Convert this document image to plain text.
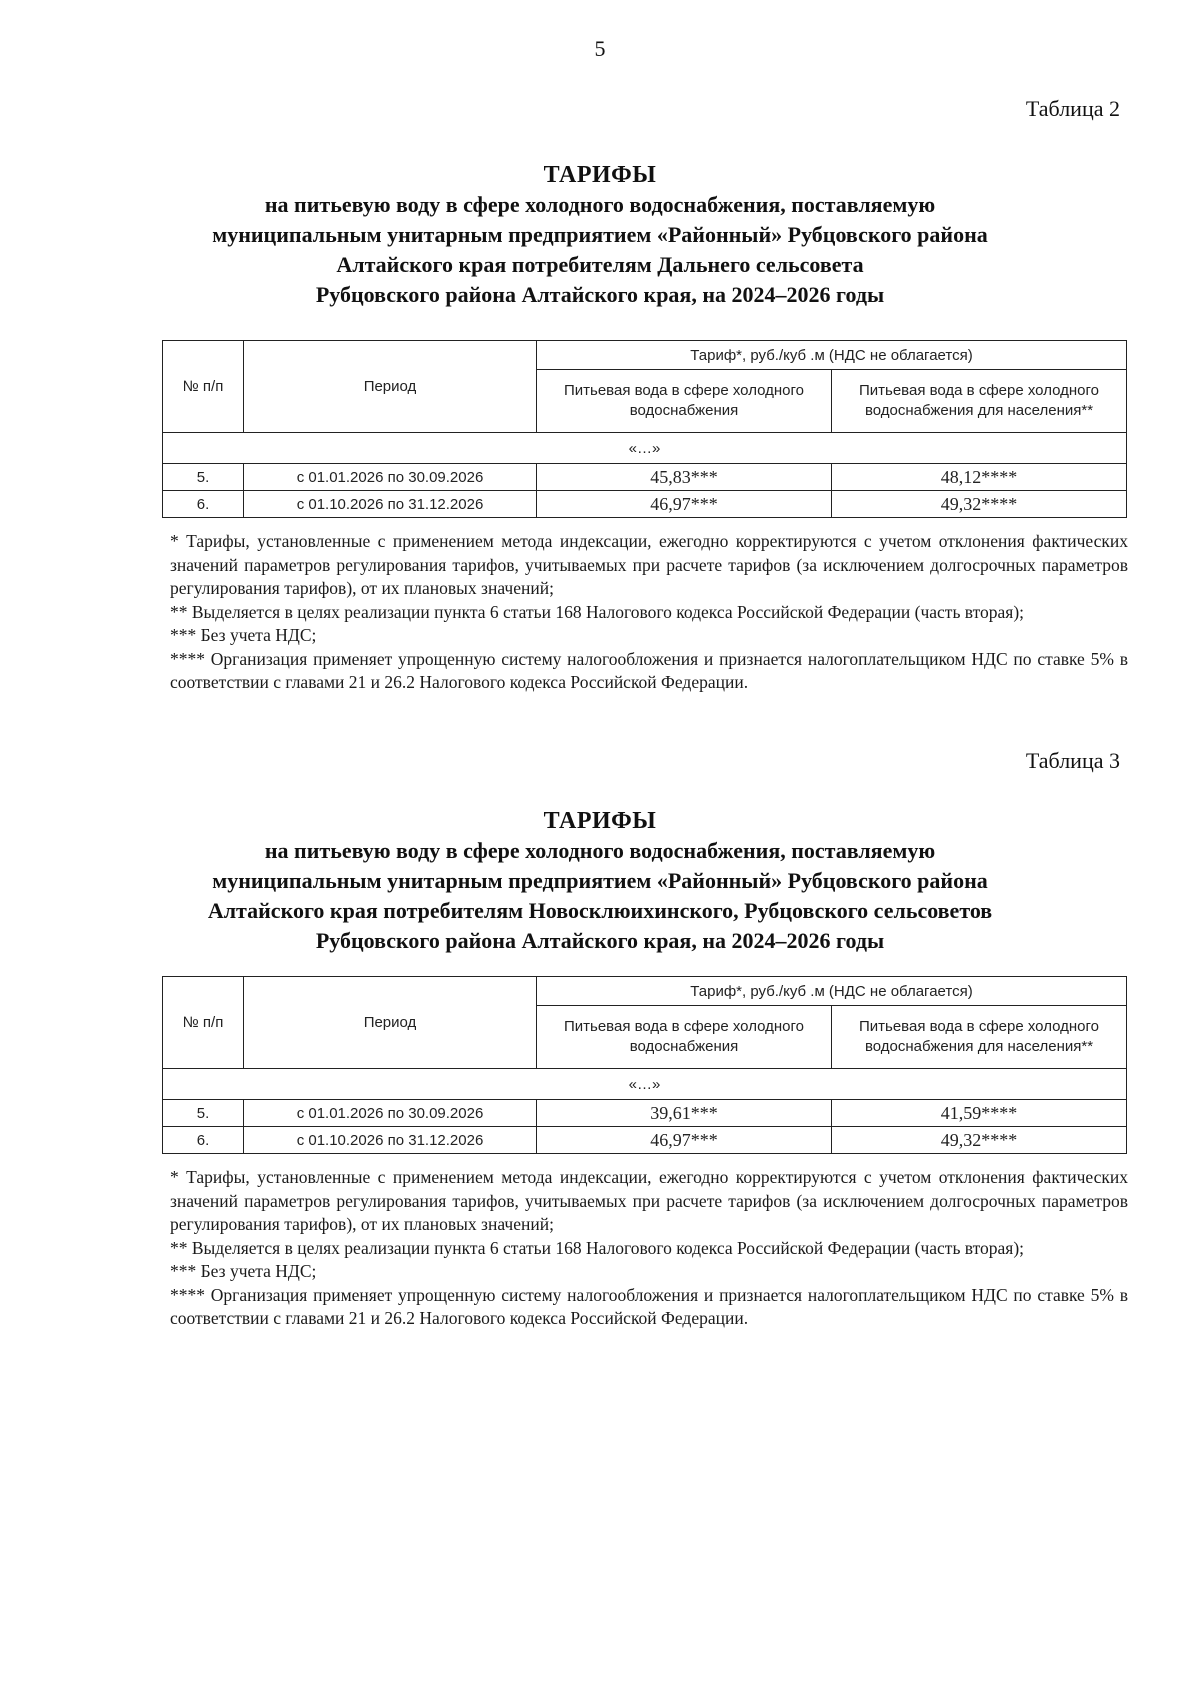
5
Таблица 2
ТАРИФЫ
на питьевую воду в сфере холодного водоснабжения, поставляемую
муниципальным унитарным предприятием «Районный» Рубцовского района
Алтайского края потребителям Дальнего сельсовета
Рубцовского района Алтайского края, на 2024–2026 годы
№ п/п	Период	Тариф*, руб./куб .м (НДС не облагается)	
		Питьевая вода в сфере холодного водоснабжения	Питьевая вода в сфере холодного водоснабжения для населения**
«…»			
5.	с 01.01.2026 по 30.09.2026	45,83***	48,12****
6.	с 01.10.2026 по 31.12.2026	46,97***	49,32****

* Тарифы, установленные с применением метода индексации, ежегодно корректируются с учетом отклонения фактических значений параметров регулирования тарифов, учитываемых при расчете тарифов (за исключением долгосрочных параметров регулирования тарифов), от их плановых значений;

** Выделяется в целях реализации пункта 6 статьи 168 Налогового кодекса Российской Федерации (часть вторая);

*** Без учета НДС;

**** Организация применяет упрощенную систему налогообложения и признается налогоплательщиком НДС по ставке 5% в соответствии с главами 21 и 26.2 Налогового кодекса Российской Федерации.

Таблица 3
ТАРИФЫ
на питьевую воду в сфере холодного водоснабжения, поставляемую
муниципальным унитарным предприятием «Районный» Рубцовского района
Алтайского края потребителям Новосклюихинского, Рубцовского сельсоветов
Рубцовского района Алтайского края, на 2024–2026 годы
№ п/п	Период	Тариф*, руб./куб .м (НДС не облагается)	
		Питьевая вода в сфере холодного водоснабжения	Питьевая вода в сфере холодного водоснабжения для населения**
«…»			
5.	с 01.01.2026 по 30.09.2026	39,61***	41,59****
6.	с 01.10.2026 по 31.12.2026	46,97***	49,32****

* Тарифы, установленные с применением метода индексации, ежегодно корректируются с учетом отклонения фактических значений параметров регулирования тарифов, учитываемых при расчете тарифов (за исключением долгосрочных параметров регулирования тарифов), от их плановых значений;

** Выделяется в целях реализации пункта 6 статьи 168 Налогового кодекса Российской Федерации (часть вторая);

*** Без учета НДС;

**** Организация применяет упрощенную систему налогообложения и признается налогоплательщиком НДС по ставке 5% в соответствии с главами 21 и 26.2 Налогового кодекса Российской Федерации.
